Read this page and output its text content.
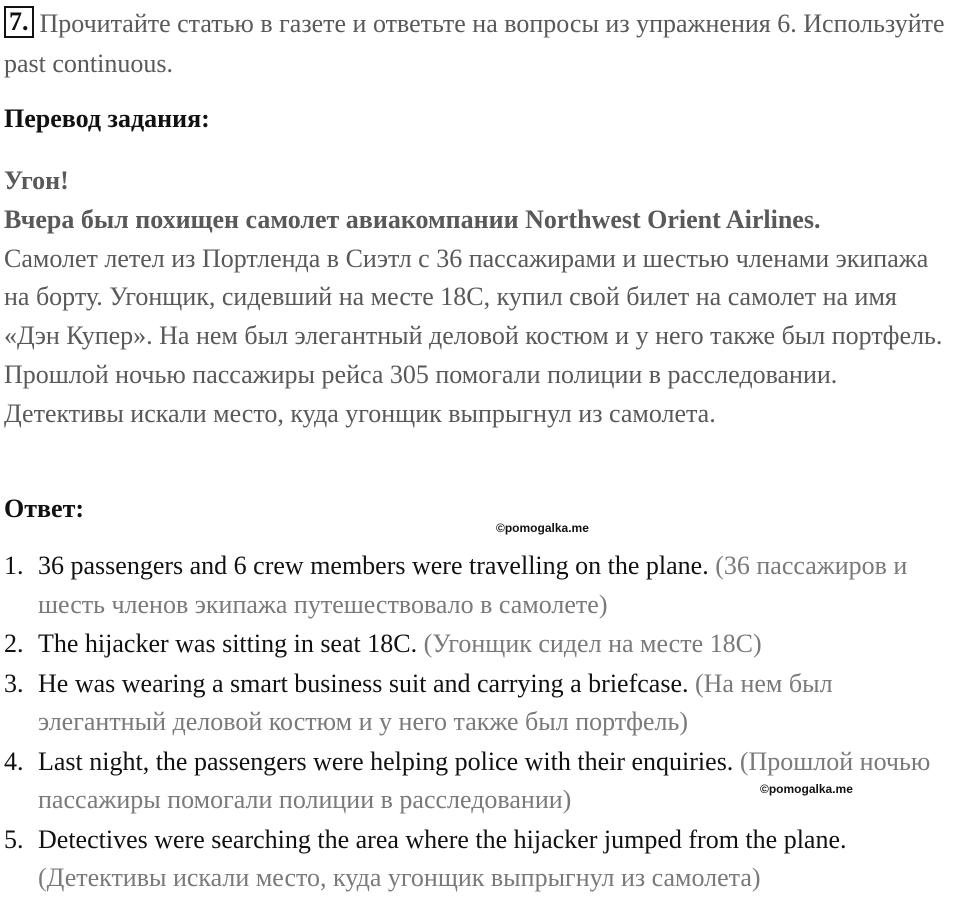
7. Прочитайте статью в газете и ответьте на вопросы из упражнения 6. Используйте past continuous.
Перевод задания:
Угон!
Вчера был похищен самолет авиакомпании Northwest Orient Airlines.
Самолет летел из Портленда в Сиэтл с 36 пассажирами и шестью членами экипажа на борту. Угонщик, сидевший на месте 18С, купил свой билет на самолет на имя «Дэн Купер». На нем был элегантный деловой костюм и у него также был портфель. Прошлой ночью пассажиры рейса 305 помогали полиции в расследовании. Детективы искали место, куда угонщик выпрыгнул из самолета.
Ответ:
©pomogalka.me
1. 36 passengers and 6 crew members were travelling on the plane. (36 пассажиров и шесть членов экипажа путешествовало в самолете)
2. The hijacker was sitting in seat 18C. (Угонщик сидел на месте 18С)
3. He was wearing a smart business suit and carrying a briefcase. (На нем был элегантный деловой костюм и у него также был портфель)
4. Last night, the passengers were helping police with their enquiries. (Прошлой ночью пассажиры помогали полиции в расследовании)
5. Detectives were searching the area where the hijacker jumped from the plane. (Детективы искали место, куда угонщик выпрыгнул из самолета)
©pomogalka.me
